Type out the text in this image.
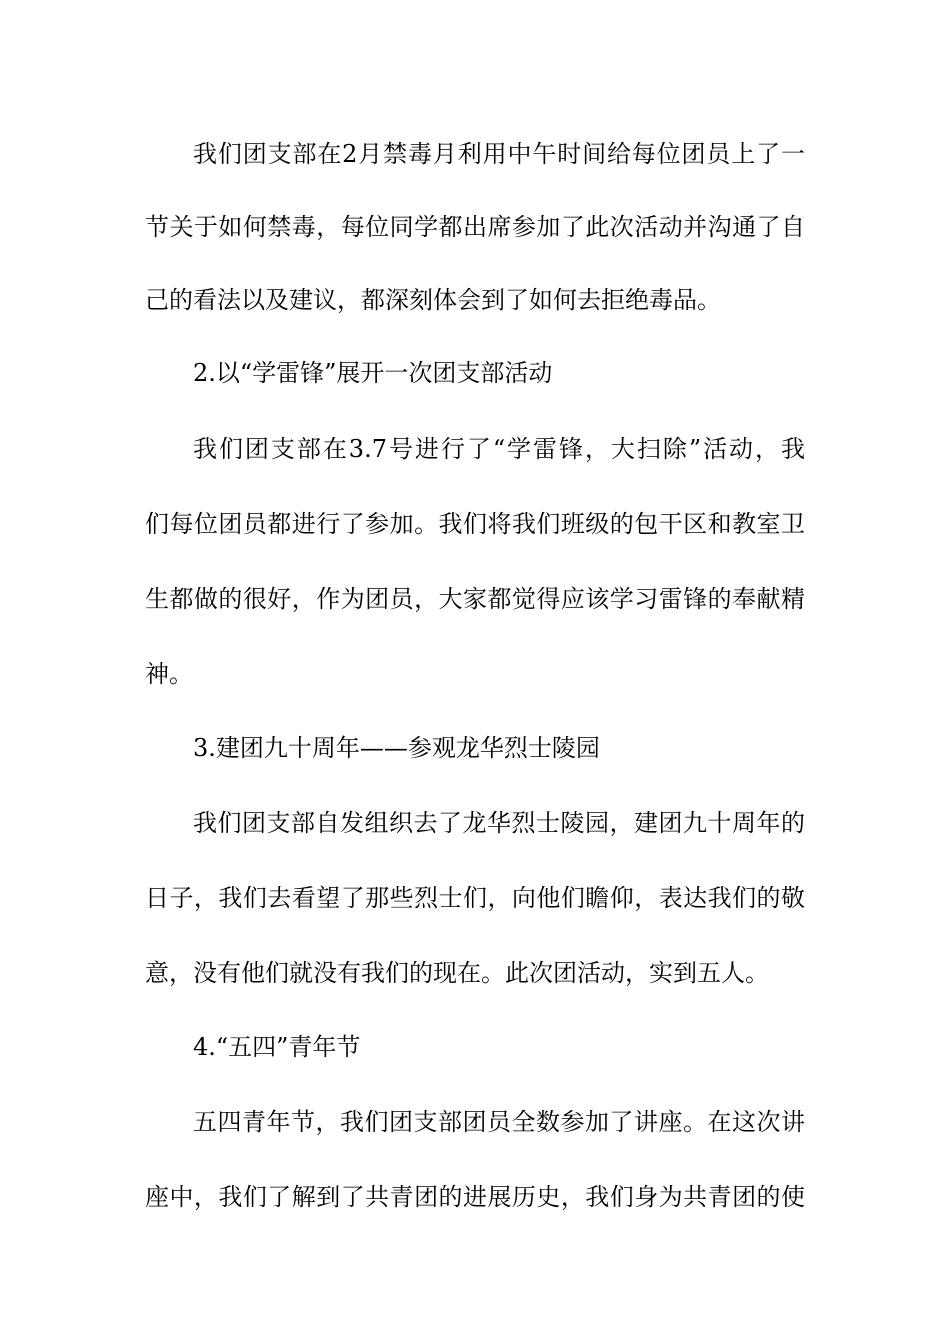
我们团支部在2月禁毒月利用中午时间给每位团员上了一
节关于如何禁毒，每位同学都出席参加了此次活动并沟通了自
己的看法以及建议，都深刻体会到了如何去拒绝毒品。
2.以“学雷锋”展开一次团支部活动
我们团支部在3.7号进行了“学雷锋，大扫除”活动，我
们每位团员都进行了参加。我们将我们班级的包干区和教室卫
生都做的很好，作为团员，大家都觉得应该学习雷锋的奉献精
神。
3.建团九十周年——参观龙华烈士陵园
我们团支部自发组织去了龙华烈士陵园，建团九十周年的
日子，我们去看望了那些烈士们，向他们瞻仰，表达我们的敬
意，没有他们就没有我们的现在。此次团活动，实到五人。
4.“五四”青年节
五四青年节，我们团支部团员全数参加了讲座。在这次讲
座中，我们了解到了共青团的进展历史，我们身为共青团的使
